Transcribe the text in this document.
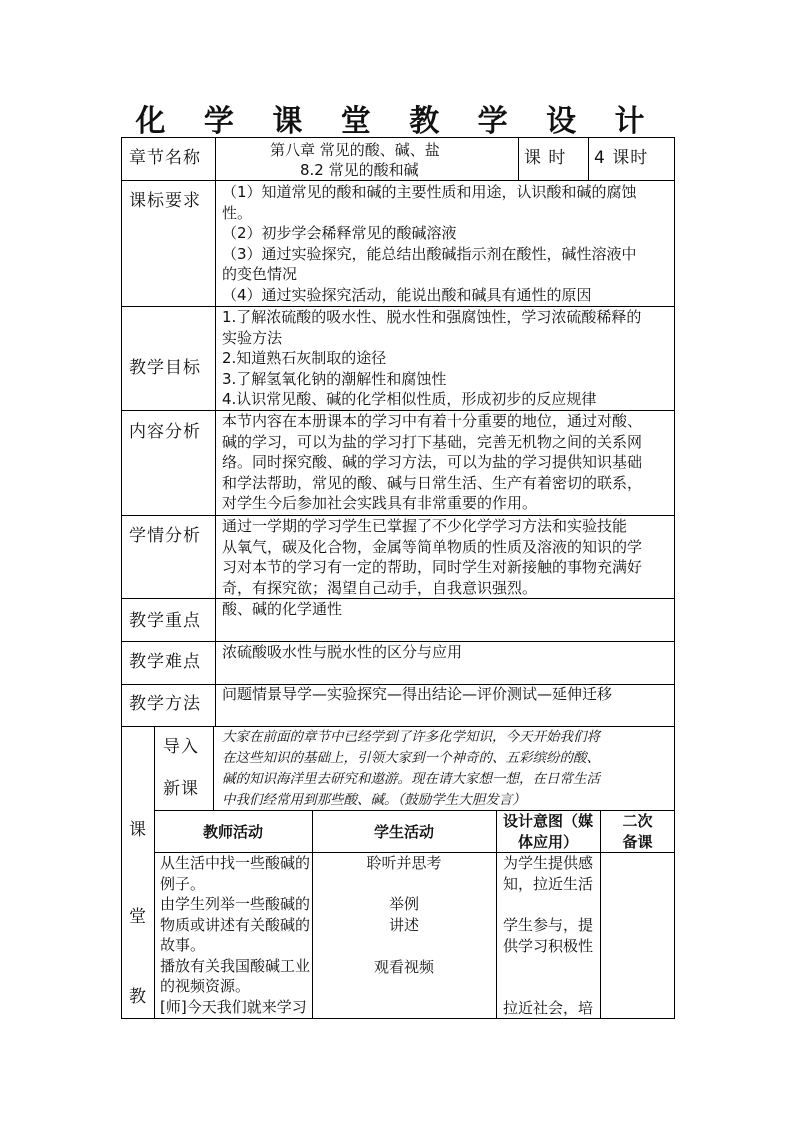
化 学 课 堂 教 学 设 计
章节名称	第八章 常见的酸、碱、盐
8.2 常见的酸和碱
课 时 4 课时
课标要求 （1）知道常见的酸和碱的主要性质和用途，认识酸和碱的腐蚀
性。
（2）初步学会稀释常见的酸碱溶液
（3）通过实验探究，能总结出酸碱指示剂在酸性，碱性溶液中
的变色情况
（4）通过实验探究活动，能说出酸和碱具有通性的原因
教学目标
1.了解浓硫酸的吸水性、脱水性和强腐蚀性，学习浓硫酸稀释的
实验方法
2.知道熟石灰制取的途径
3.了解氢氧化钠的潮解性和腐蚀性
4.认识常见酸、碱的化学相似性质，形成初步的反应规律
内容分析
本节内容在本册课本的学习中有着十分重要的地位，通过对酸、
碱的学习，可以为盐的学习打下基础，完善无机物之间的关系网
络。同时探究酸、碱的学习方法，可以为盐的学习提供知识基础
和学法帮助，常见的酸、碱与日常生活、生产有着密切的联系，
对学生今后参加社会实践具有非常重要的作用。
学情分析 通过一学期的学习学生已掌握了不少化学学习方法和实验技能
从氧气，碳及化合物，金属等简单物质的性质及溶液的知识的学
习对本节的学习有一定的帮助，同时学生对新接触的事物充满好
奇，有探究欲；渴望自己动手，自我意识强烈。
教学重点
酸、碱的化学通性
教学难点 浓硫酸吸水性与脱水性的区分与应用
教学方法 问题情景导学—实验探究—得出结论—评价测试—延伸迁移
课
堂
教
导入
新课
大家在前面的章节中已经学到了许多化学知识，今天开始我们将
在这些知识的基础上，引领大家到一个神奇的、五彩缤纷的酸、
碱的知识海洋里去研究和遨游。现在请大家想一想，在日常生活
中我们经常用到那些酸、碱。（鼓励学生大胆发言）
教师活动	学生活动
设计意图（媒
体应用）
二次
备课
从生活中找一些酸碱的
例子。
由学生列举一些酸碱的
物质或讲述有关酸碱的
故事。
播放有关我国酸碱工业
的视频资源。
[师]今天我们就来学习
聆听并思考
举例
讲述
观看视频
为学生提供感
知，拉近生活
学生参与，提
供学习积极性
拉近社会，培
